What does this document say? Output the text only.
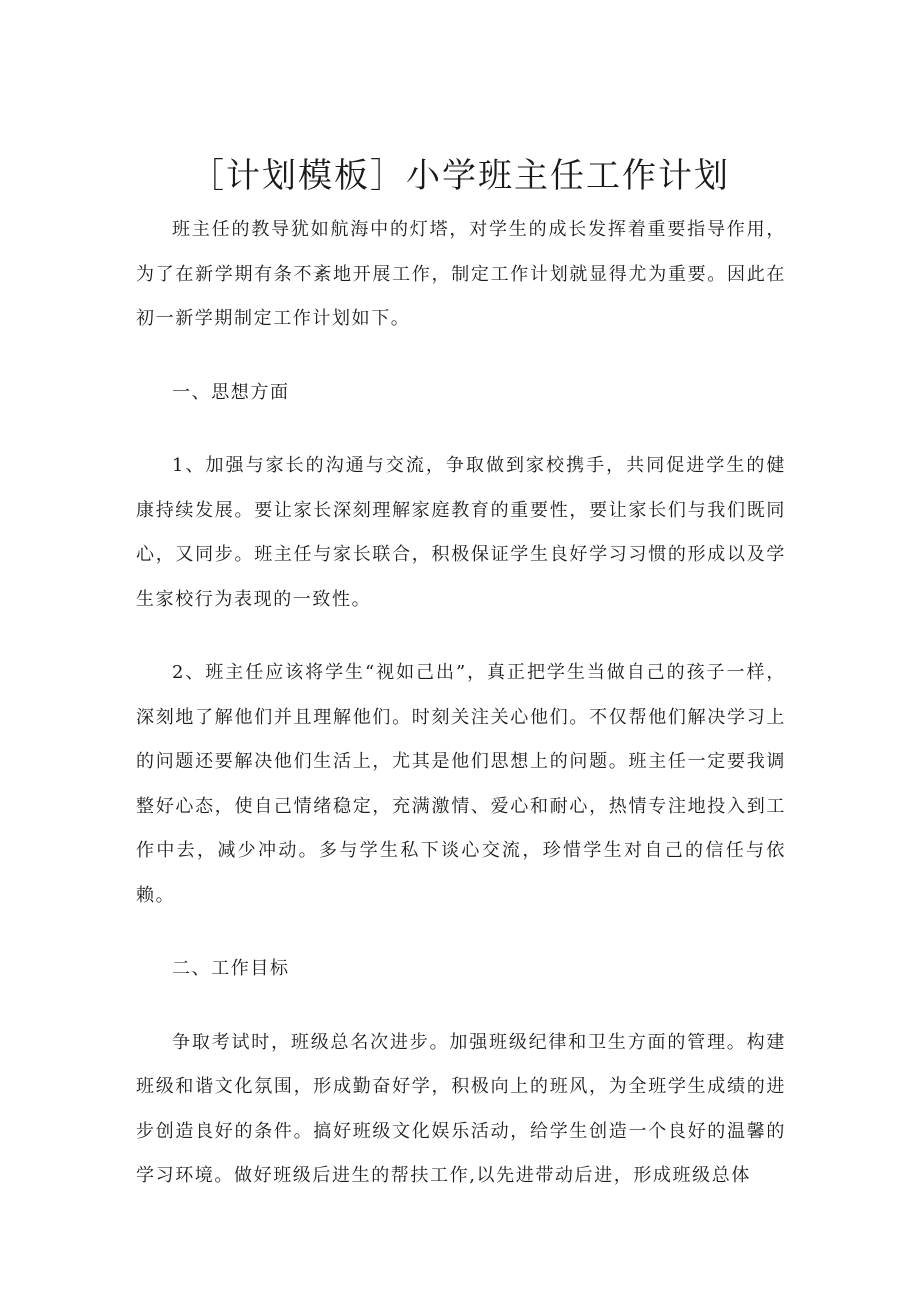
［计划模板］小学班主任工作计划

班主任的教导犹如航海中的灯塔，对学生的成长发挥着重要指导作用，为了在新学期有条不紊地开展工作，制定工作计划就显得尤为重要。因此在初一新学期制定工作计划如下。

一、思想方面

1、加强与家长的沟通与交流，争取做到家校携手，共同促进学生的健康持续发展。要让家长深刻理解家庭教育的重要性，要让家长们与我们既同心，又同步。班主任与家长联合，积极保证学生良好学习习惯的形成以及学生家校行为表现的一致性。

2、班主任应该将学生“视如己出”，真正把学生当做自己的孩子一样，深刻地了解他们并且理解他们。时刻关注关心他们。不仅帮他们解决学习上的问题还要解决他们生活上，尤其是他们思想上的问题。班主任一定要我调整好心态，使自己情绪稳定，充满激情、爱心和耐心，热情专注地投入到工作中去，减少冲动。多与学生私下谈心交流，珍惜学生对自己的信任与依赖。

二、工作目标

争取考试时，班级总名次进步。加强班级纪律和卫生方面的管理。构建班级和谐文化氛围，形成勤奋好学，积极向上的班风，为全班学生成绩的进步创造良好的条件。搞好班级文化娱乐活动，给学生创造一个良好的温馨的学习环境。做好班级后进生的帮扶工作,以先进带动后进，形成班级总体
